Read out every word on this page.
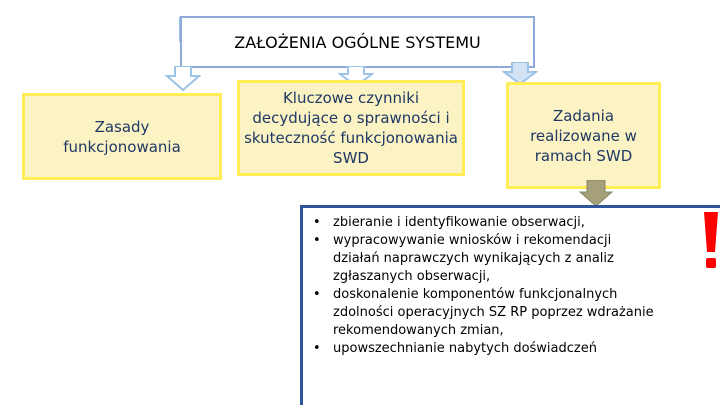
ZAŁOŻENIA OGÓLNE SYSTEMU
Zasady funkcjonowania
Kluczowe czynniki decydujące o sprawności i skuteczność funkcjonowania SWD
Zadania realizowane w ramach SWD
• zbieranie i identyfikowanie obserwacji,
• wypracowywanie wniosków i rekomendacji działań naprawczych wynikających z analiz zgłaszanych obserwacji,
• doskonalenie komponentów funkcjonalnych zdolności operacyjnych SZ RP poprzez wdrażanie rekomendowanych zmian,
• upowszechnianie nabytych doświadczeń
